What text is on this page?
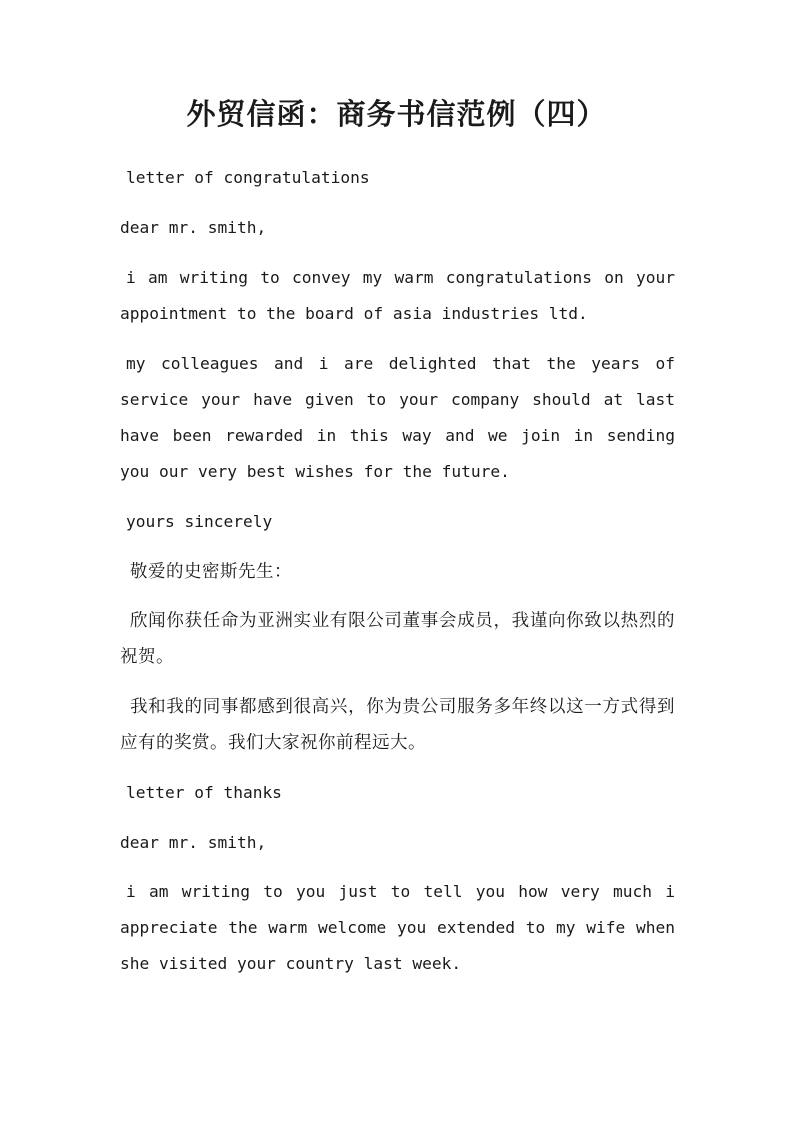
外贸信函：商务书信范例（四）

letter of congratulations

dear mr. smith,

i am writing to convey my warm congratulations on your appointment to the board of asia industries ltd.

my colleagues and i are delighted that the years of service your have given to your company should at last have been rewarded in this way and we join in sending you our very best wishes for the future.

yours sincerely

敬爱的史密斯先生：

欣闻你获任命为亚洲实业有限公司董事会成员，我谨向你致以热烈的祝贺。

我和我的同事都感到很高兴，你为贵公司服务多年终以这一方式得到应有的奖赏。我们大家祝你前程远大。

letter of thanks

dear mr. smith,

i am writing to you just to tell you how very much i appreciate the warm welcome you extended to my wife when she visited your country last week.
